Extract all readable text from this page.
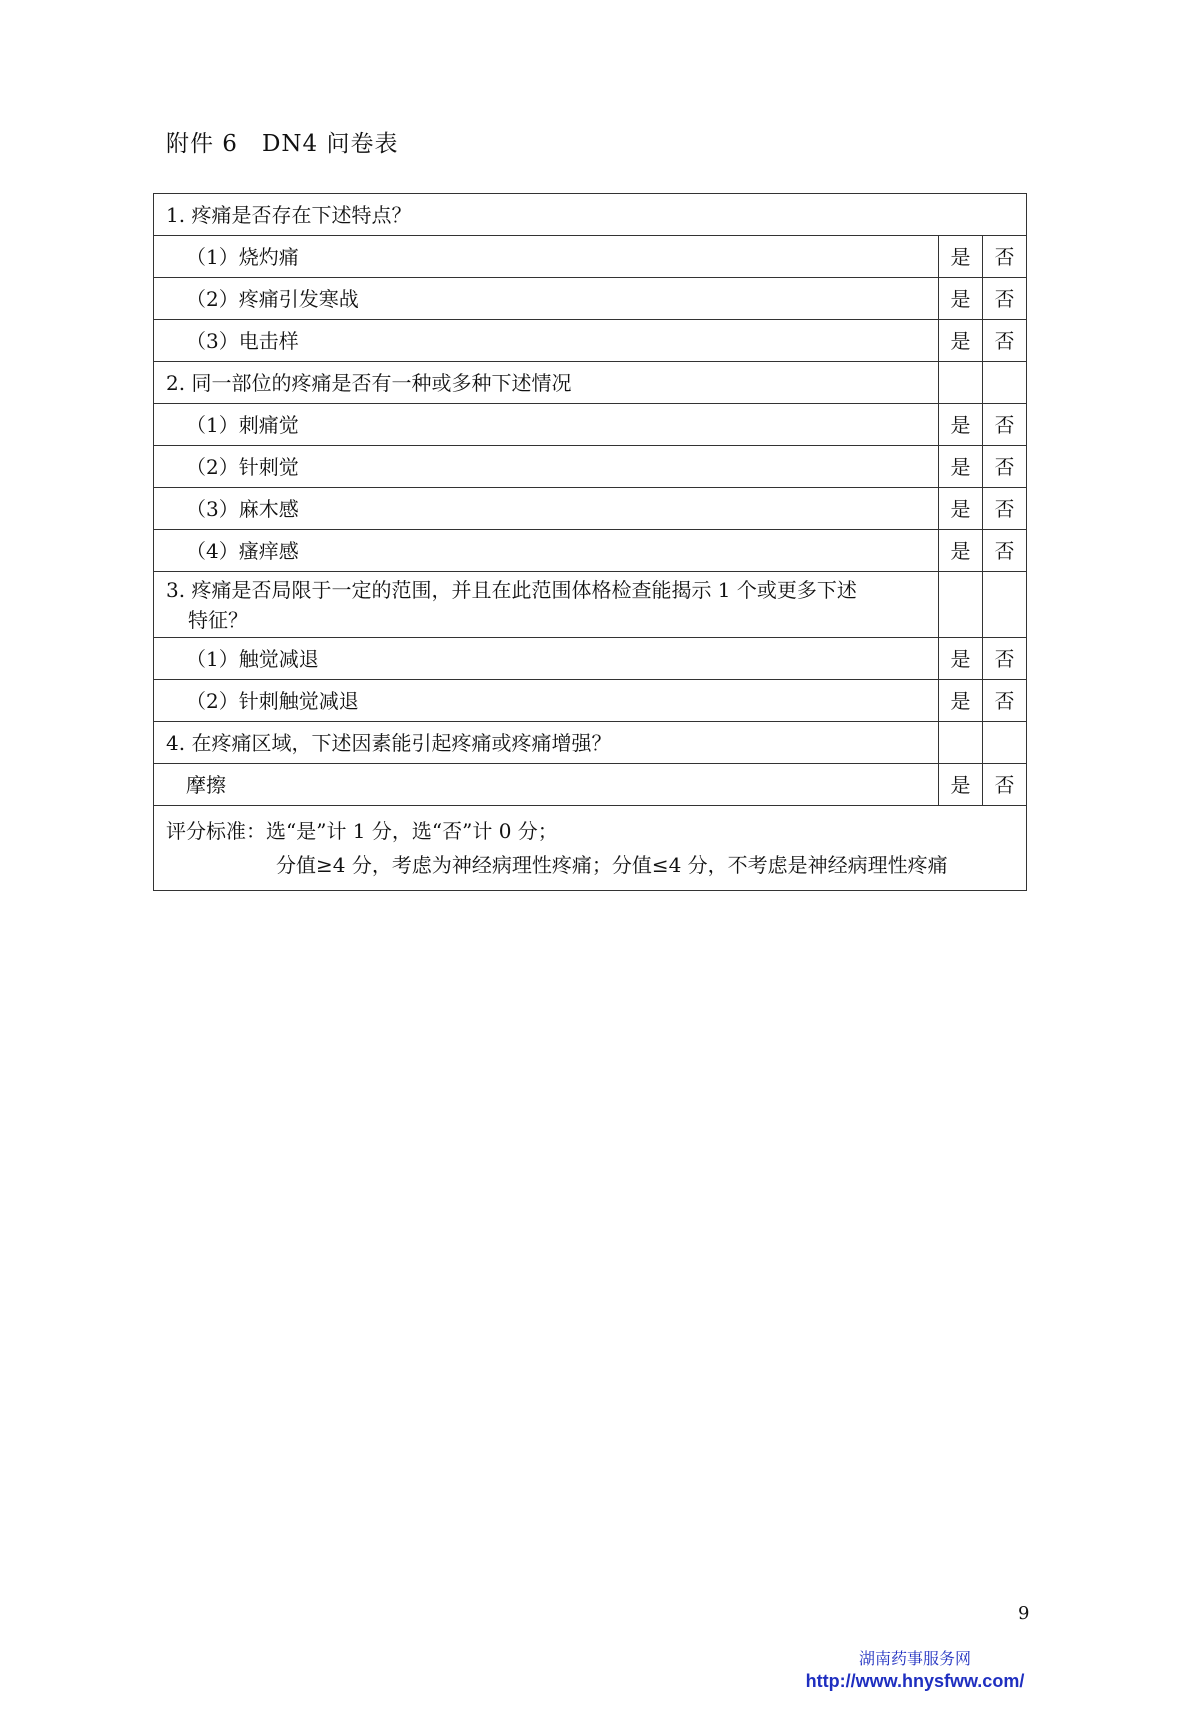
附件 6　DN4 问卷表
1. 疼痛是否存在下述特点？		
（1）烧灼痛	是	否
（2）疼痛引发寒战	是	否
（3）电击样	是	否
2. 同一部位的疼痛是否有一种或多种下述情况		
（1）刺痛觉	是	否
（2）针刺觉	是	否
（3）麻木感	是	否
（4）瘙痒感	是	否

3. 疼痛是否局限于一定的范围，并且在此范围体格检查能揭示 1 个或更多下述
特征？		

（1）触觉减退	是	否
（2）针刺触觉减退	是	否
4. 在疼痛区域，下述因素能引起疼痛或疼痛增强？		
摩擦	是	否

评分标准：选“是”计 1 分，选“否”计 0 分；
分值≥4 分，考虑为神经病理性疼痛；分值≤4 分，不考虑是神经病理性疼痛		
9
湖南药事服务网
http://www.hnysfww.com/
